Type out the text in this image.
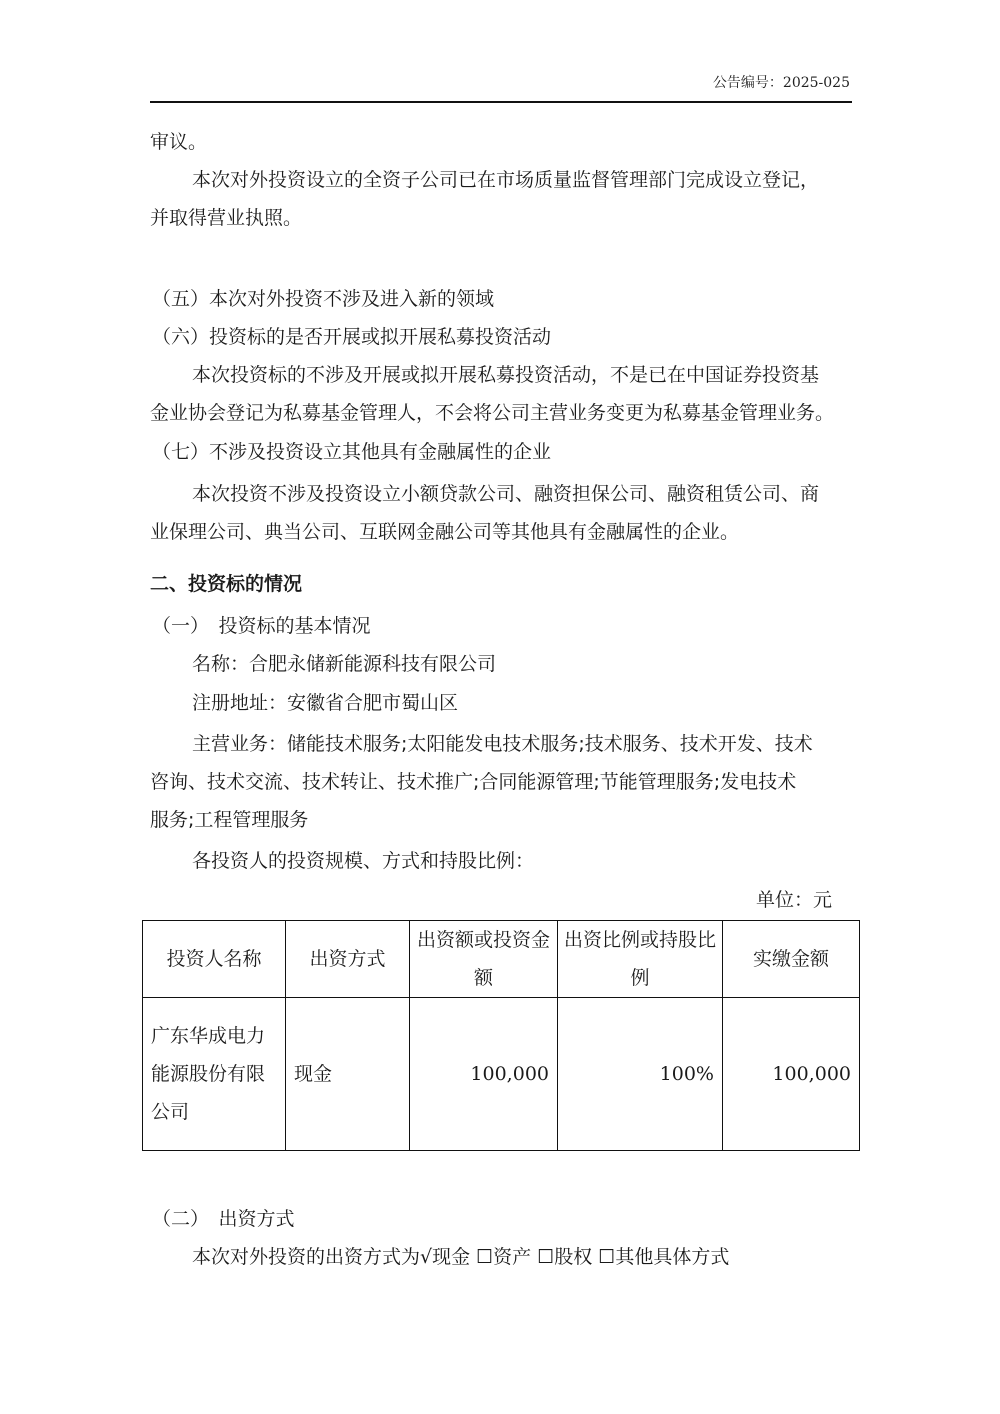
公告编号：2025-025
审议。
本次对外投资设立的全资子公司已在市场质量监督管理部门完成设立登记，
并取得营业执照。
（五）本次对外投资不涉及进入新的领域
（六）投资标的是否开展或拟开展私募投资活动
本次投资标的不涉及开展或拟开展私募投资活动，不是已在中国证券投资基
金业协会登记为私募基金管理人，不会将公司主营业务变更为私募基金管理业务。
（七）不涉及投资设立其他具有金融属性的企业
本次投资不涉及投资设立小额贷款公司、融资担保公司、融资租赁公司、商
业保理公司、典当公司、互联网金融公司等其他具有金融属性的企业。
二、投资标的情况
（一）　投资标的基本情况
名称：合肥永储新能源科技有限公司
注册地址：安徽省合肥市蜀山区
主营业务：储能技术服务;太阳能发电技术服务;技术服务、技术开发、技术
咨询、技术交流、技术转让、技术推广;合同能源管理;节能管理服务;发电技术
服务;工程管理服务
各投资人的投资规模、方式和持股比例：
单位：元
投资人名称	出资方式	出资额或投资金额	出资比例或持股比例	实缴金额
广东华成电力能源股份有限公司	现金	100,000	100%	100,000
（二）　出资方式
本次对外投资的出资方式为√现金 ☐资产 ☐股权 ☐其他具体方式
